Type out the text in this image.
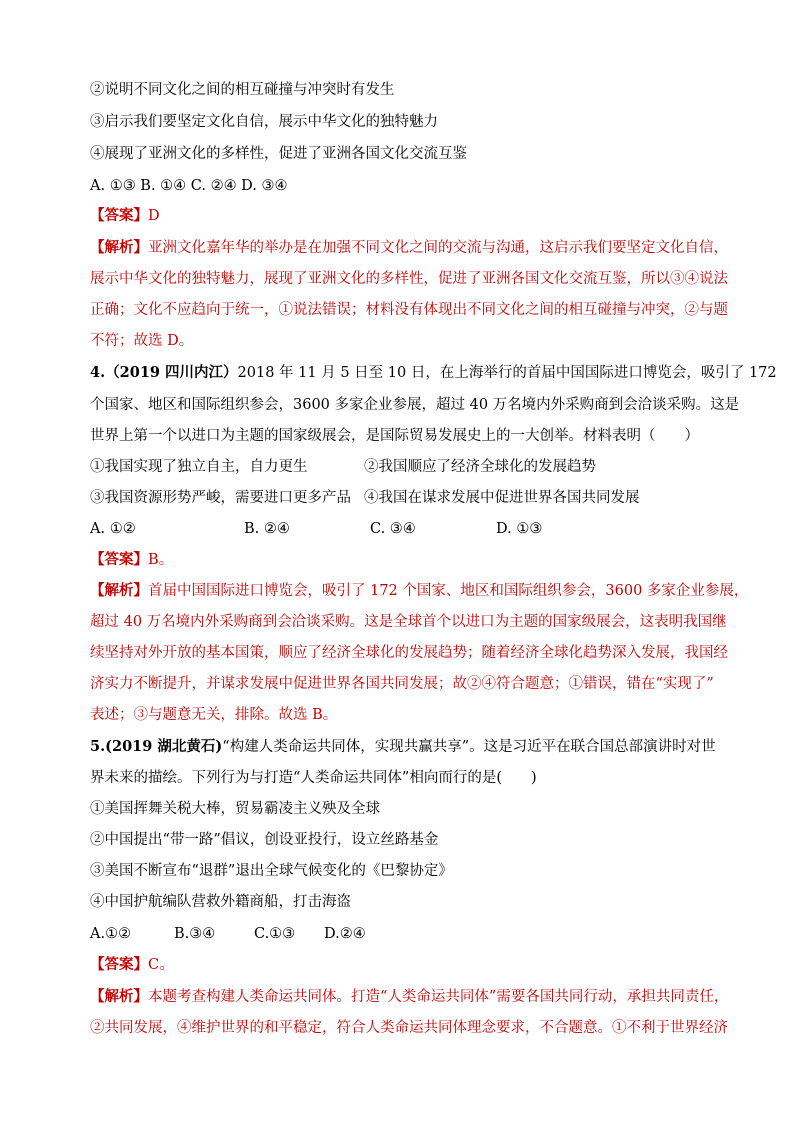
②说明不同文化之间的相互碰撞与冲突时有发生
③启示我们要坚定文化自信，展示中华文化的独特魅力
④展现了亚洲文化的多样性，促进了亚洲各国文化交流互鉴
A. ①③ B. ①④ C. ②④ D. ③④
【答案】D
【解析】亚洲文化嘉年华的举办是在加强不同文化之间的交流与沟通，这启示我们要坚定文化自信，
展示中华文化的独特魅力，展现了亚洲文化的多样性，促进了亚洲各国文化交流互鉴，所以③④说法
正确；文化不应趋向于统一，①说法错误；材料没有体现出不同文化之间的相互碰撞与冲突，②与题
不符；故选 D。
4.（2019 四川内江）2018 年 11 月 5 日至 10 日，在上海举行的首届中国国际进口博览会，吸引了 172
个国家、地区和国际组织参会，3600 多家企业参展，超过 40 万名境内外采购商到会洽谈采购。这是
世界上第一个以进口为主题的国家级展会，是国际贸易发展史上的一大创举。材料表明（　　）
①我国实现了独立自主，自力更生	②我国顺应了经济全球化的发展趋势
③我国资源形势严峻，需要进口更多产品 ④我国在谋求发展中促进世界各国共同发展
A. ①②	B. ②④	C. ③④	D. ①③
【答案】B。
【解析】首届中国国际进口博览会，吸引了 172 个国家、地区和国际组织参会，3600 多家企业参展，
超过 40 万名境内外采购商到会洽谈采购。这是全球首个以进口为主题的国家级展会，这表明我国继
续坚持对外开放的基本国策，顺应了经济全球化的发展趋势；随着经济全球化趋势深入发展，我国经
济实力不断提升，并谋求发展中促进世界各国共同发展；故②④符合题意；①错误，错在“实现了”
表述；③与题意无关，排除。故选 B。
5.(2019 湖北黄石)“构建人类命运共同体，实现共赢共享”。这是习近平在联合国总部演讲时对世
界未来的描绘。下列行为与打造“人类命运共同体”相向而行的是(　　)
①美国挥舞关税大棒，贸易霸凌主义殃及全球
②中国提出“带一路”倡议，创设亚投行，设立丝路基金
③美国不断宣布“退群”退出全球气候变化的《巴黎协定》
④中国护航编队营救外籍商船，打击海盗
A.①②	B.③④	C.①③ D.②④
【答案】C。
【解析】本题考查构建人类命运共同体。打造“人类命运共同体”需要各国共同行动，承担共同责任，
②共同发展，④维护世界的和平稳定，符合人类命运共同体理念要求，不合题意。①不利于世界经济
